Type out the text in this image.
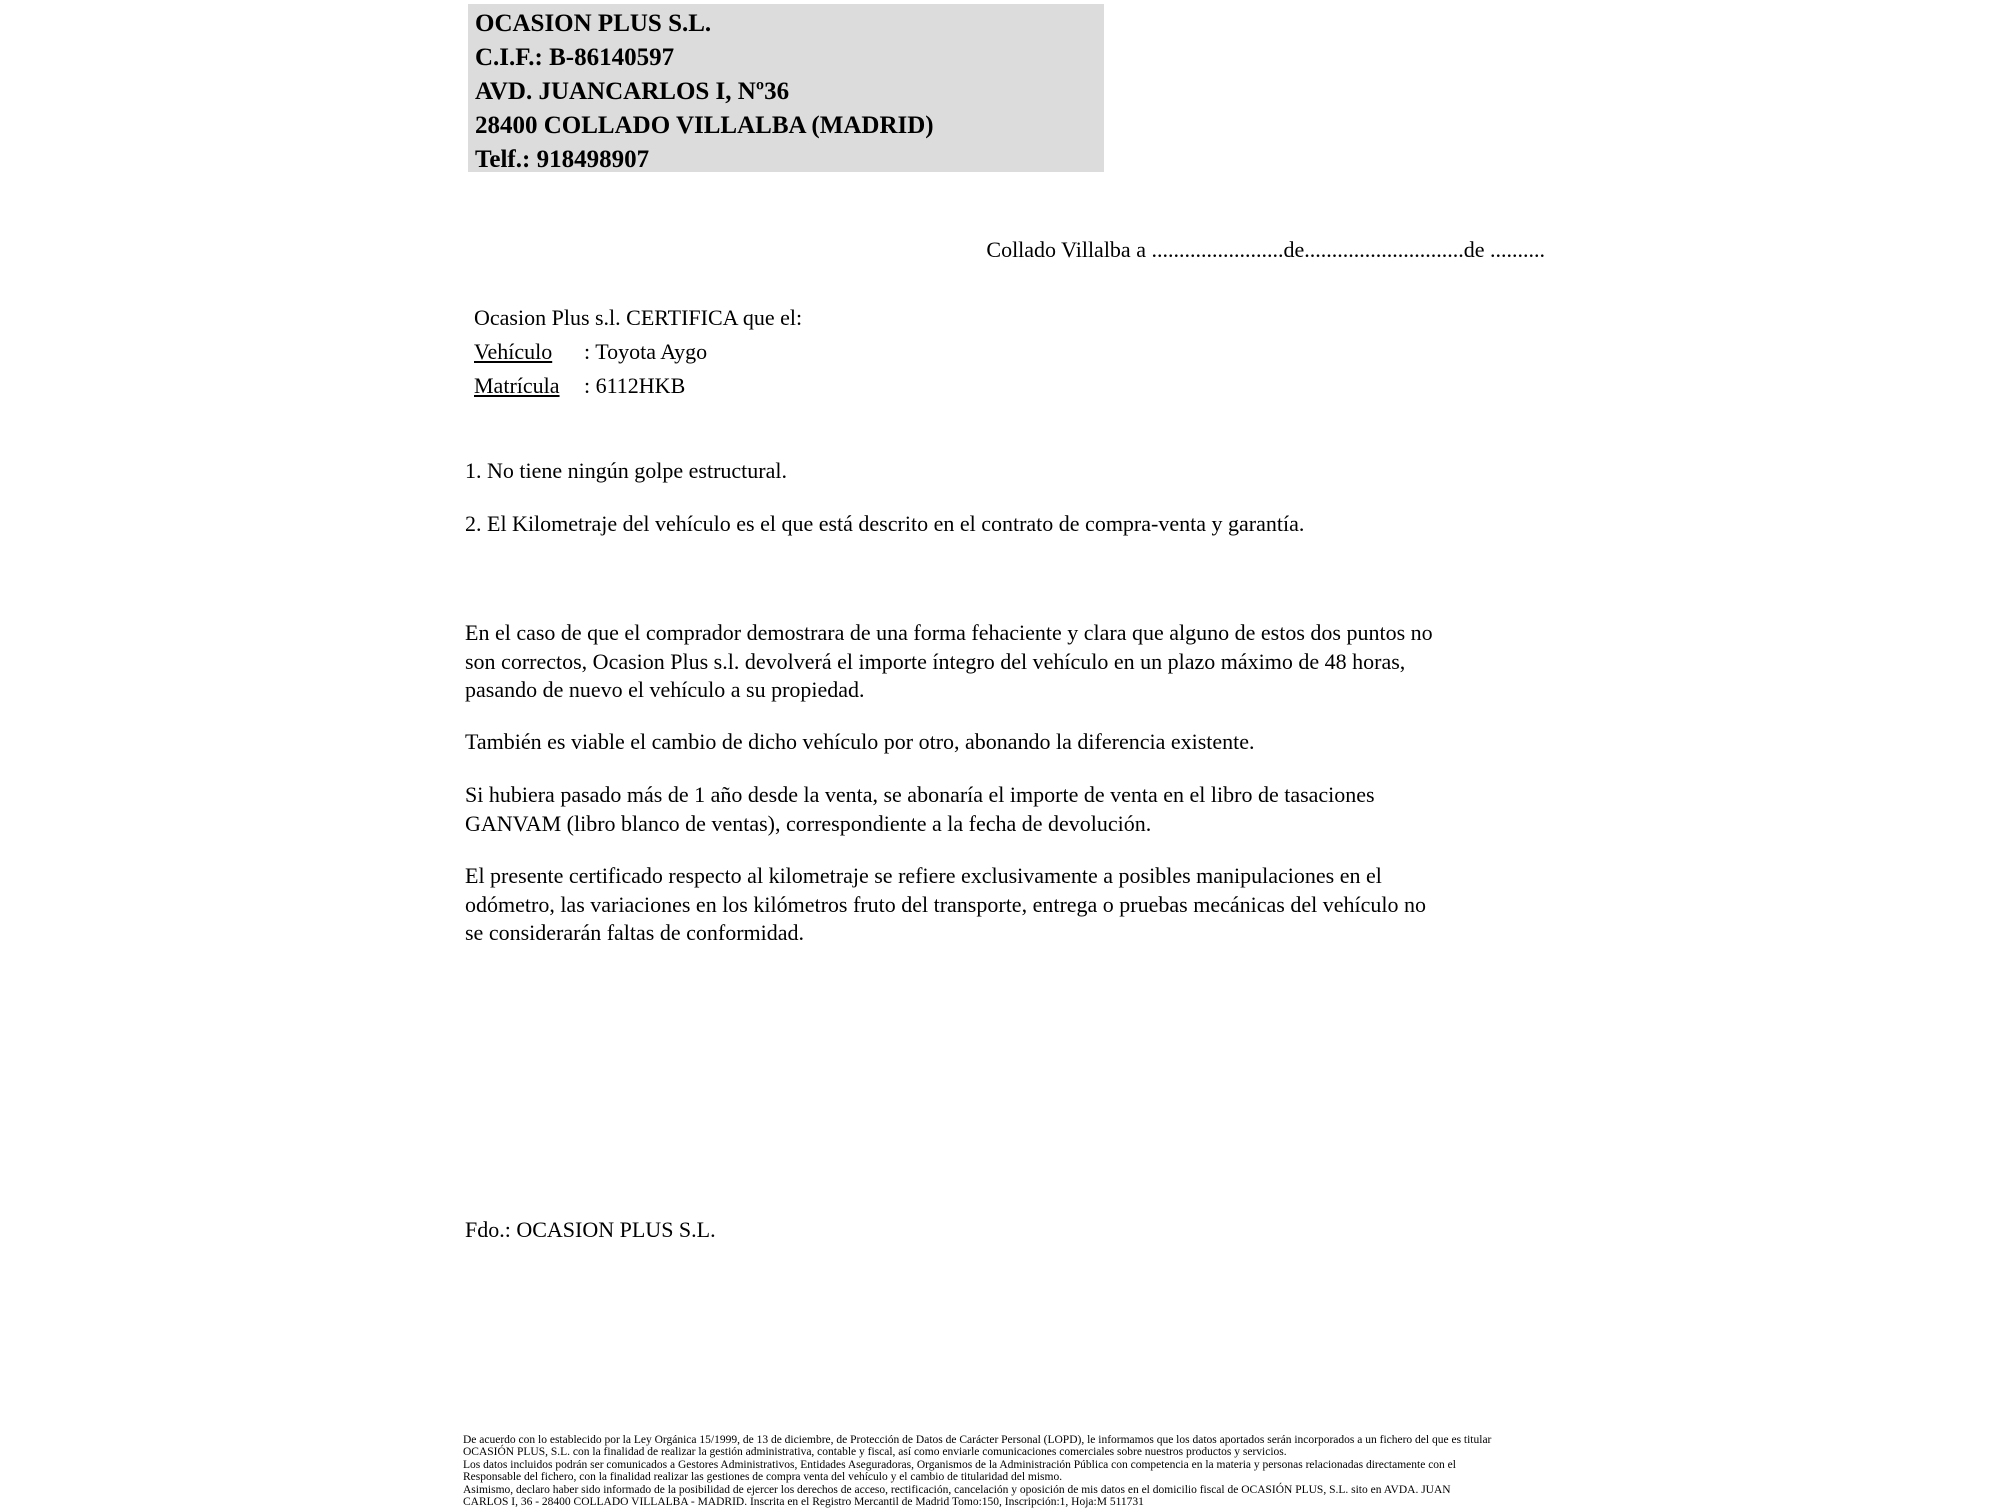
OCASION PLUS S.L.
C.I.F.: B-86140597
AVD. JUANCARLOS I, Nº36
28400 COLLADO VILLALBA (MADRID)
Telf.: 918498907
Collado Villalba a ........................de.............................de ..........
Ocasion Plus s.l. CERTIFICA que el:
Vehículo : Toyota Aygo
Matrícula : 6112HKB
1. No tiene ningún golpe estructural.
2. El Kilometraje del vehículo es el que está descrito en el contrato de compra-venta y garantía.
En el caso de que el comprador demostrara de una forma fehaciente y clara que alguno de estos dos puntos no
son correctos, Ocasion Plus s.l. devolverá el importe íntegro del vehículo en un plazo máximo de 48 horas,
pasando de nuevo el vehículo a su propiedad.
También es viable el cambio de dicho vehículo por otro, abonando la diferencia existente.
Si hubiera pasado más de 1 año desde la venta, se abonaría el importe de venta en el libro de tasaciones
GANVAM (libro blanco de ventas), correspondiente a la fecha de devolución.
El presente certificado respecto al kilometraje se refiere exclusivamente a posibles manipulaciones en el
odómetro, las variaciones en los kilómetros fruto del transporte, entrega o pruebas mecánicas del vehículo no
se considerarán faltas de conformidad.
Fdo.: OCASION PLUS S.L.
De acuerdo con lo establecido por la Ley Orgánica 15/1999, de 13 de diciembre, de Protección de Datos de Carácter Personal (LOPD), le informamos que los datos aportados serán incorporados a un fichero del que es titular
OCASIÓN PLUS, S.L. con la finalidad de realizar la gestión administrativa, contable y fiscal, así como enviarle comunicaciones comerciales sobre nuestros productos y servicios.
Los datos incluidos podrán ser comunicados a Gestores Administrativos, Entidades Aseguradoras, Organismos de la Administración Pública con competencia en la materia y personas relacionadas directamente con el
Responsable del fichero, con la finalidad realizar las gestiones de compra venta del vehículo y el cambio de titularidad del mismo.
Asimismo, declaro haber sido informado de la posibilidad de ejercer los derechos de acceso, rectificación, cancelación y oposición de mis datos en el domicilio fiscal de OCASIÓN PLUS, S.L. sito en AVDA. JUAN
CARLOS I, 36 - 28400 COLLADO VILLALBA - MADRID. Inscrita en el Registro Mercantil de Madrid Tomo:150, Inscripción:1, Hoja:M 511731
